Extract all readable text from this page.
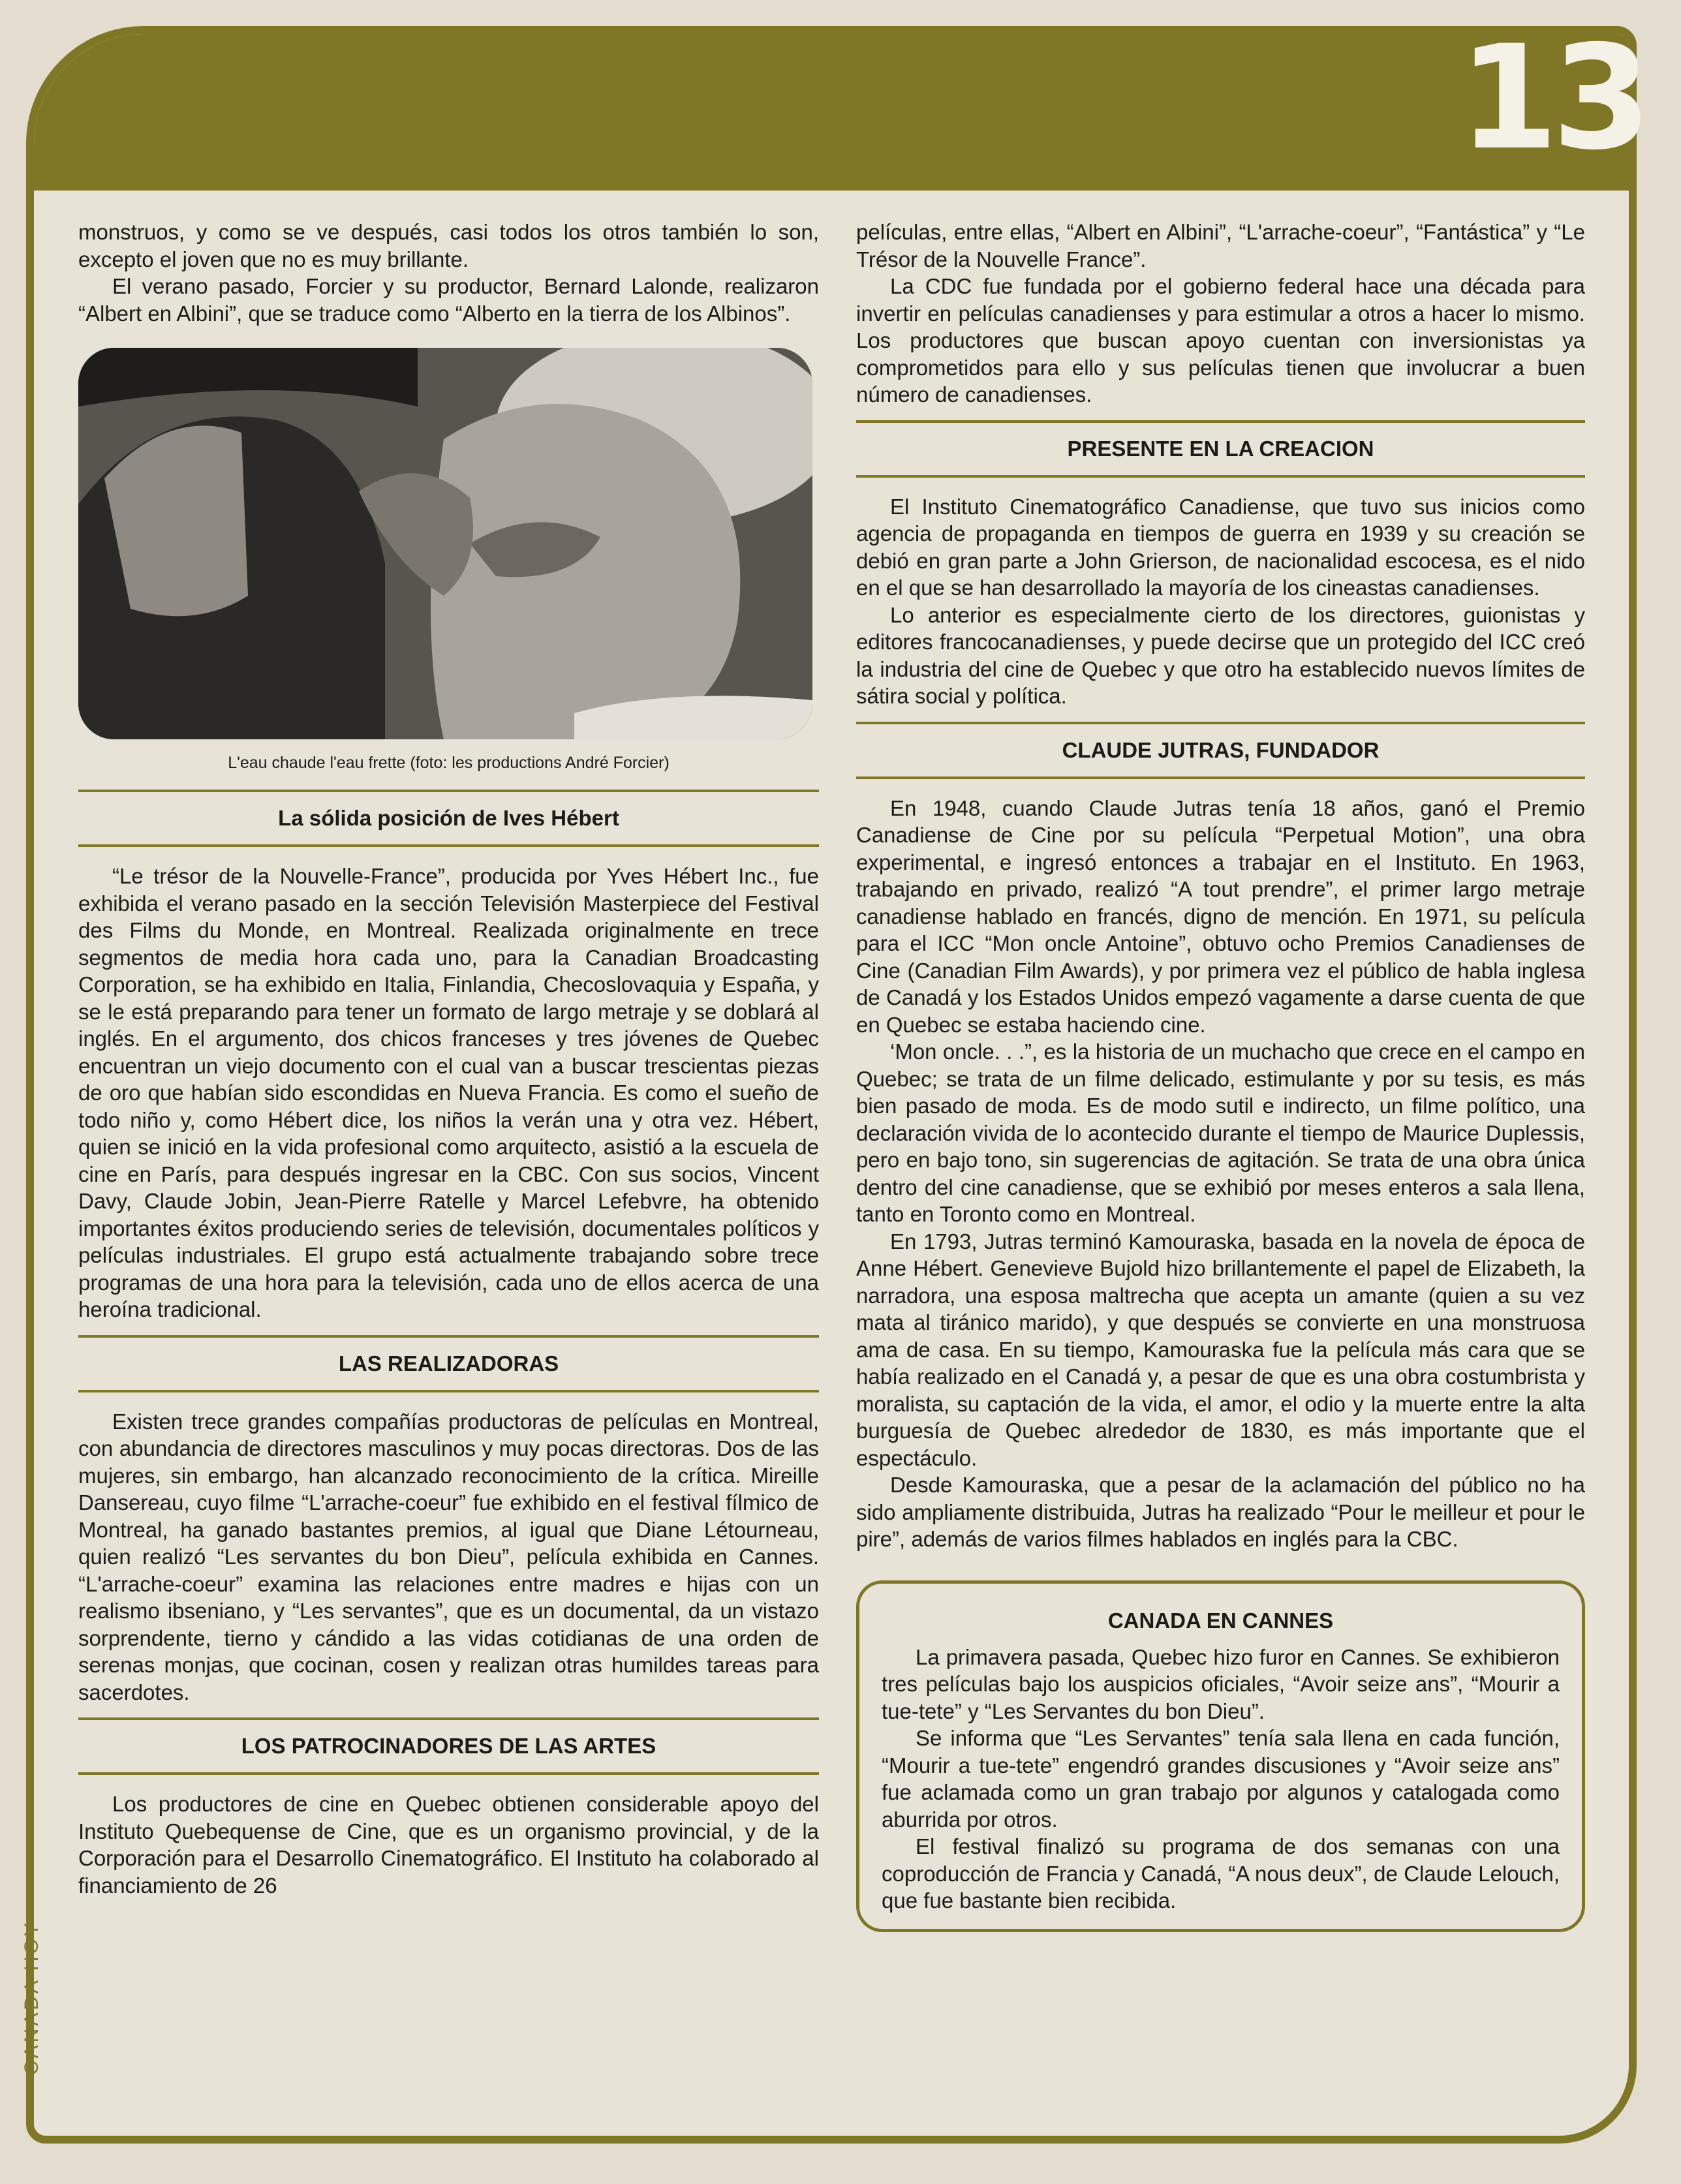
13
CANADA HOY

monstruos, y como se ve después, casi todos los otros también lo son, excepto el joven que no es muy brillante.

El verano pasado, Forcier y su productor, Bernard Lalonde, realizaron “Albert en Albini”, que se traduce como “Alberto en la tierra de los Albinos”.

L'eau chaude l'eau frette (foto: les productions André Forcier)
La sólida posición de Ives Hébert

“Le trésor de la Nouvelle-France”, producida por Yves Hébert Inc., fue exhibida el verano pasado en la sección Televisión Masterpiece del Festival des Films du Monde, en Montreal. Realizada originalmente en trece segmentos de media hora cada uno, para la Canadian Broadcasting Corporation, se ha exhibido en Italia, Finlandia, Checoslovaquia y España, y se le está preparando para tener un formato de largo metraje y se doblará al inglés. En el argumento, dos chicos franceses y tres jóvenes de Quebec encuentran un viejo documento con el cual van a buscar trescientas piezas de oro que habían sido escondidas en Nueva Francia. Es como el sueño de todo niño y, como Hébert dice, los niños la verán una y otra vez. Hébert, quien se inició en la vida profesional como arquitecto, asistió a la escuela de cine en París, para después ingresar en la CBC. Con sus socios, Vincent Davy, Claude Jobin, Jean-Pierre Ratelle y Marcel Lefebvre, ha obtenido importantes éxitos produciendo series de televisión, documentales políticos y películas industriales. El grupo está actualmente trabajando sobre trece programas de una hora para la televisión, cada uno de ellos acerca de una heroína tradicional.

LAS REALIZADORAS

Existen trece grandes compañías productoras de películas en Montreal, con abundancia de directores masculinos y muy pocas directoras. Dos de las mujeres, sin embargo, han alcanzado reconocimiento de la crítica. Mireille Dansereau, cuyo filme “L'arrache-coeur” fue exhibido en el festival fílmico de Montreal, ha ganado bastantes premios, al igual que Diane Létourneau, quien realizó “Les servantes du bon Dieu”, película exhibida en Cannes. “L'arrache-coeur” examina las relaciones entre madres e hijas con un realismo ibseniano, y “Les servantes”, que es un documental, da un vistazo sorprendente, tierno y cándido a las vidas cotidianas de una orden de serenas monjas, que cocinan, cosen y realizan otras humildes tareas para sacerdotes.

LOS PATROCINADORES DE LAS ARTES

Los productores de cine en Quebec obtienen considerable apoyo del Instituto Quebequense de Cine, que es un organismo provincial, y de la Corporación para el Desarrollo Cinematográfico. El Instituto ha colaborado al financiamiento de 26

películas, entre ellas, “Albert en Albini”, “L'arrache-coeur”, “Fantástica” y “Le Trésor de la Nouvelle France”.

La CDC fue fundada por el gobierno federal hace una década para invertir en películas canadienses y para estimular a otros a hacer lo mismo. Los productores que buscan apoyo cuentan con inversionistas ya comprometidos para ello y sus películas tienen que involucrar a buen número de canadienses.

PRESENTE EN LA CREACION

El Instituto Cinematográfico Canadiense, que tuvo sus inicios como agencia de propaganda en tiempos de guerra en 1939 y su creación se debió en gran parte a John Grierson, de nacionalidad escocesa, es el nido en el que se han desarrollado la mayoría de los cineastas canadienses.

Lo anterior es especialmente cierto de los directores, guionistas y editores francocanadienses, y puede decirse que un protegido del ICC creó la industria del cine de Quebec y que otro ha establecido nuevos límites de sátira social y política.

CLAUDE JUTRAS, FUNDADOR

En 1948, cuando Claude Jutras tenía 18 años, ganó el Premio Canadiense de Cine por su película “Perpetual Motion”, una obra experimental, e ingresó entonces a trabajar en el Instituto. En 1963, trabajando en privado, realizó “A tout prendre”, el primer largo metraje canadiense hablado en francés, digno de mención. En 1971, su película para el ICC “Mon oncle Antoine”, obtuvo ocho Premios Canadienses de Cine (Canadian Film Awards), y por primera vez el público de habla inglesa de Canadá y los Estados Unidos empezó vagamente a darse cuenta de que en Quebec se estaba haciendo cine.

‘Mon oncle. . .”, es la historia de un muchacho que crece en el campo en Quebec; se trata de un filme delicado, estimulante y por su tesis, es más bien pasado de moda. Es de modo sutil e indirecto, un filme político, una declaración vivida de lo acontecido durante el tiempo de Maurice Duplessis, pero en bajo tono, sin sugerencias de agitación. Se trata de una obra única dentro del cine canadiense, que se exhibió por meses enteros a sala llena, tanto en Toronto como en Montreal.

En 1793, Jutras terminó Kamouraska, basada en la novela de época de Anne Hébert. Genevieve Bujold hizo brillantemente el papel de Elizabeth, la narradora, una esposa maltrecha que acepta un amante (quien a su vez mata al tiránico marido), y que después se convierte en una monstruosa ama de casa. En su tiempo, Kamouraska fue la película más cara que se había realizado en el Canadá y, a pesar de que es una obra costumbrista y moralista, su captación de la vida, el amor, el odio y la muerte entre la alta burguesía de Quebec alrededor de 1830, es más importante que el espectáculo.

Desde Kamouraska, que a pesar de la aclamación del público no ha sido ampliamente distribuida, Jutras ha realizado “Pour le meilleur et pour le pire”, además de varios filmes hablados en inglés para la CBC.

CANADA EN CANNES

La primavera pasada, Quebec hizo furor en Cannes. Se exhibieron tres películas bajo los auspicios oficiales, “Avoir seize ans”, “Mourir a tue-tete” y “Les Servantes du bon Dieu”.

Se informa que “Les Servantes” tenía sala llena en cada función, “Mourir a tue-tete” engendró grandes discusiones y “Avoir seize ans” fue aclamada como un gran trabajo por algunos y catalogada como aburrida por otros.

El festival finalizó su programa de dos semanas con una coproducción de Francia y Canadá, “A nous deux”, de Claude Lelouch, que fue bastante bien recibida.
